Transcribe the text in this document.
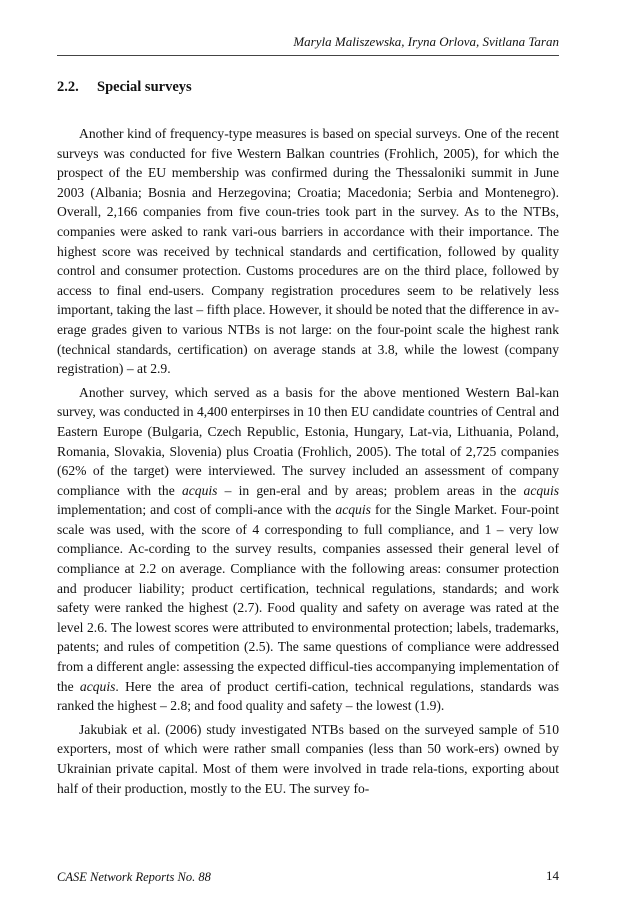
Maryla Maliszewska, Iryna Orlova, Svitlana Taran
2.2. Special surveys

Another kind of frequency-type measures is based on special surveys. One of the recent surveys was conducted for five Western Balkan countries (Frohlich, 2005), for which the prospect of the EU membership was confirmed during the Thessaloniki summit in June 2003 (Albania; Bosnia and Herzegovina; Croatia; Macedonia; Serbia and Montenegro). Overall, 2,166 companies from five coun-tries took part in the survey. As to the NTBs, companies were asked to rank vari-ous barriers in accordance with their importance. The highest score was received by technical standards and certification, followed by quality control and consumer protection. Customs procedures are on the third place, followed by access to final end-users. Company registration procedures seem to be relatively less important, taking the last – fifth place. However, it should be noted that the difference in av-erage grades given to various NTBs is not large: on the four-point scale the highest rank (technical standards, certification) on average stands at 3.8, while the lowest (company registration) – at 2.9.

Another survey, which served as a basis for the above mentioned Western Bal-kan survey, was conducted in 4,400 enterpirses in 10 then EU candidate countries of Central and Eastern Europe (Bulgaria, Czech Republic, Estonia, Hungary, Lat-via, Lithuania, Poland, Romania, Slovakia, Slovenia) plus Croatia (Frohlich, 2005). The total of 2,725 companies (62% of the target) were interviewed. The survey included an assessment of company compliance with the acquis – in gen-eral and by areas; problem areas in the acquis implementation; and cost of compli-ance with the acquis for the Single Market. Four-point scale was used, with the score of 4 corresponding to full compliance, and 1 – very low compliance. Ac-cording to the survey results, companies assessed their general level of compliance at 2.2 on average. Compliance with the following areas: consumer protection and producer liability; product certification, technical regulations, standards; and work safety were ranked the highest (2.7). Food quality and safety on average was rated at the level 2.6. The lowest scores were attributed to environmental protection; labels, trademarks, patents; and rules of competition (2.5). The same questions of compliance were addressed from a different angle: assessing the expected difficul-ties accompanying implementation of the acquis. Here the area of product certifi-cation, technical regulations, standards was ranked the highest – 2.8; and food quality and safety – the lowest (1.9).

Jakubiak et al. (2006) study investigated NTBs based on the surveyed sample of 510 exporters, most of which were rather small companies (less than 50 work-ers) owned by Ukrainian private capital. Most of them were involved in trade rela-tions, exporting about half of their production, mostly to the EU. The survey fo-

CASE Network Reports No. 88	14
